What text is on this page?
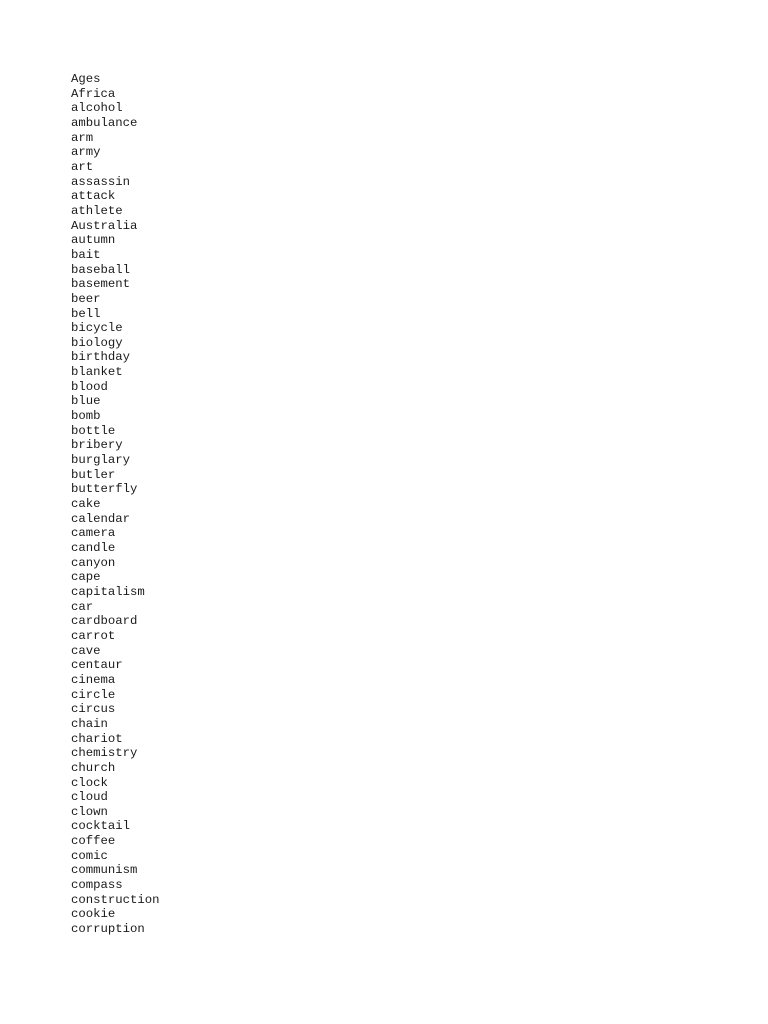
Ages
Africa
alcohol
ambulance
arm
army
art
assassin
attack
athlete
Australia
autumn
bait
baseball
basement
beer
bell
bicycle
biology
birthday
blanket
blood
blue
bomb
bottle
bribery
burglary
butler
butterfly
cake
calendar
camera
candle
canyon
cape
capitalism
car
cardboard
carrot
cave
centaur
cinema
circle
circus
chain
chariot
chemistry
church
clock
cloud
clown
cocktail
coffee
comic
communism
compass
construction
cookie
corruption
